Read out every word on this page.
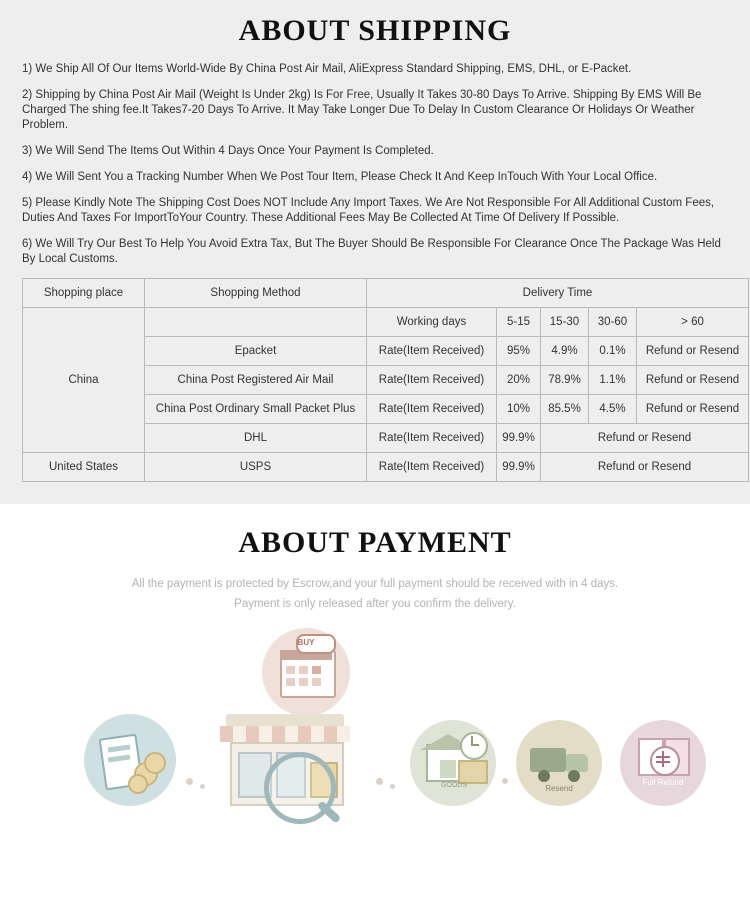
ABOUT SHIPPING

1) We Ship All Of Our Items World-Wide By China Post Air Mail, AliExpress Standard Shipping, EMS, DHL, or E-Packet.

2) Shipping by China Post Air Mail (Weight Is Under 2kg) Is For Free, Usually It Takes 30-80 Days To Arrive. Shipping By EMS Will Be Charged The shing fee.It Takes7-20 Days To Arrive. It May Take Longer Due To Delay In Custom Clearance Or Holidays Or Weather Problem.

3) We Will Send The Items Out Within 4 Days Once Your Payment Is Completed.

4) We Will Sent You a Tracking Number When We Post Tour Item, Please Check It And Keep InTouch With Your Local Office.

5) Please Kindly Note The Shipping Cost Does NOT Include Any Import Taxes. We Are Not Responsible For All Additional Custom Fees, Duties And Taxes For ImportToYour Country. These Additional Fees May Be Collected At Time Of Delivery If Possible.

6) We Will Try Our Best To Help You Avoid Extra Tax, But The Buyer Should Be Responsible For Clearance Once The Package Was Held By Local Customs.

Shopping place	Shopping Method	Delivery Time				
China		Working days	5-15	15-30	30-60	> 60
	Epacket	Rate(Item Received)	95%	4.9%	0.1%	Refund or Resend
	China Post Registered Air Mail	Rate(Item Received)	20%	78.9%	1.1%	Refund or Resend
	China Post Ordinary Small Packet Plus	Rate(Item Received)	10%	85.5%	4.5%	Refund or Resend
	DHL	Rate(Item Received)	99.9%	Refund or Resend		
United States	USPS	Rate(Item Received)	99.9%	Refund or Resend		
ABOUT PAYMENT
All the payment is protected by Escrow,and your full payment should be received with in 4 days.
Payment is only released after you confirm the delivery.
BUY
GOODS	Resend
Full Refund
